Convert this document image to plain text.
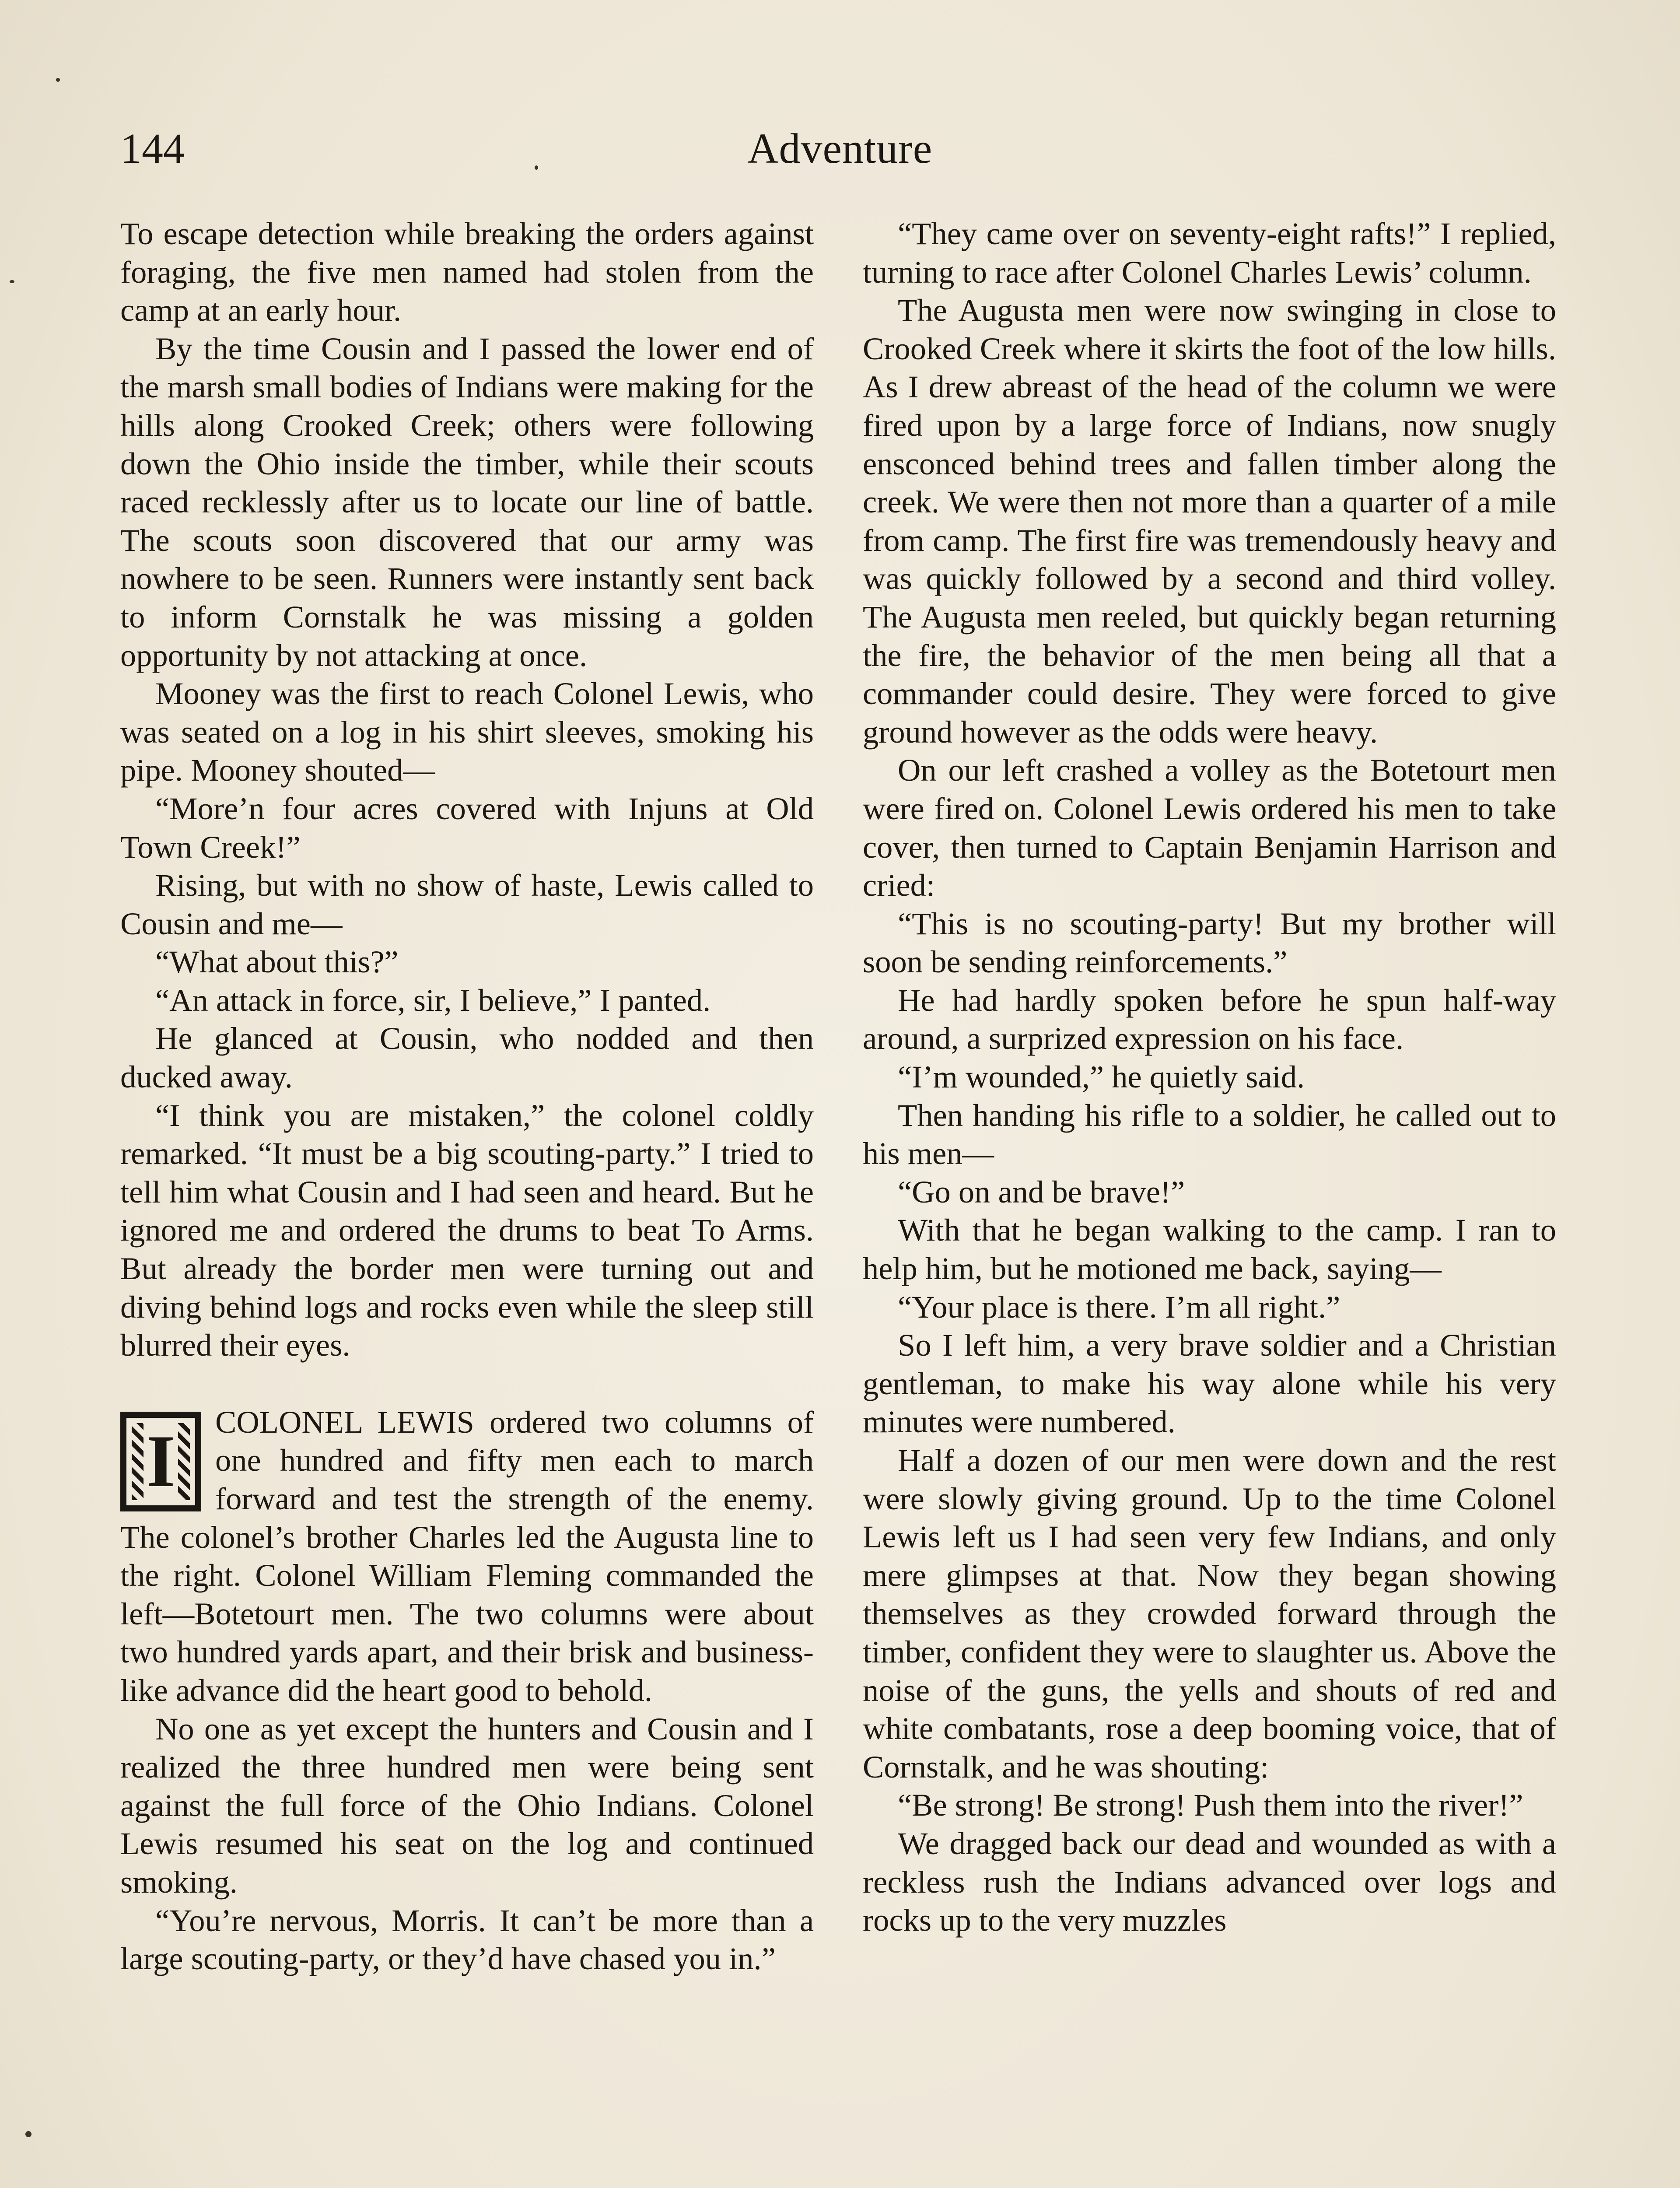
144	Adventure

To escape detection while breaking the orders against foraging, the five men named had stolen from the camp at an early hour.

By the time Cousin and I passed the lower end of the marsh small bodies of Indians were making for the hills along Crooked Creek; others were following down the Ohio inside the timber, while their scouts raced recklessly after us to locate our line of battle. The scouts soon discovered that our army was nowhere to be seen. Runners were instantly sent back to inform Cornstalk he was missing a golden opportunity by not attacking at once.

Mooney was the first to reach Colonel Lewis, who was seated on a log in his shirt sleeves, smoking his pipe. Mooney shouted—

“More’n four acres covered with Injuns at Old Town Creek!”

Rising, but with no show of haste, Lewis called to Cousin and me—

“What about this?”

“An attack in force, sir, I believe,” I panted.

He glanced at Cousin, who nodded and then ducked away.

“I think you are mistaken,” the colonel coldly remarked. “It must be a big scouting-party.” I tried to tell him what Cousin and I had seen and heard. But he ignored me and ordered the drums to beat To Arms. But already the border men were turning out and diving behind logs and rocks even while the sleep still blurred their eyes.

I	COLONEL LEWIS ordered two columns of one hundred and fifty men each to march forward and test the strength of the enemy. The colonel’s brother Charles led the Augusta line to the right. Colonel William Fleming commanded the left—Botetourt men. The two columns were about two hundred yards apart, and their brisk and business-like advance did the heart good to behold.

No one as yet except the hunters and Cousin and I realized the three hundred men were being sent against the full force of the Ohio Indians. Colonel Lewis resumed his seat on the log and continued smoking.

“You’re nervous, Morris. It can’t be more than a large scouting-party, or they’d have chased you in.”

“They came over on seventy-eight rafts!” I replied, turning to race after Colonel Charles Lewis’ column.

The Augusta men were now swinging in close to Crooked Creek where it skirts the foot of the low hills. As I drew abreast of the head of the column we were fired upon by a large force of Indians, now snugly ensconced behind trees and fallen timber along the creek. We were then not more than a quarter of a mile from camp. The first fire was tremendously heavy and was quickly followed by a second and third volley. The Augusta men reeled, but quickly began returning the fire, the behavior of the men being all that a commander could desire. They were forced to give ground however as the odds were heavy.

On our left crashed a volley as the Botetourt men were fired on. Colonel Lewis ordered his men to take cover, then turned to Captain Benjamin Harrison and cried:

“This is no scouting-party! But my brother will soon be sending reinforcements.”

He had hardly spoken before he spun half-way around, a surprized expression on his face.

“I’m wounded,” he quietly said.

Then handing his rifle to a soldier, he called out to his men—

“Go on and be brave!”

With that he began walking to the camp. I ran to help him, but he motioned me back, saying—

“Your place is there. I’m all right.”

So I left him, a very brave soldier and a Christian gentleman, to make his way alone while his very minutes were numbered.

Half a dozen of our men were down and the rest were slowly giving ground. Up to the time Colonel Lewis left us I had seen very few Indians, and only mere glimpses at that. Now they began showing themselves as they crowded forward through the timber, confident they were to slaughter us. Above the noise of the guns, the yells and shouts of red and white combatants, rose a deep booming voice, that of Cornstalk, and he was shouting:

“Be strong! Be strong! Push them into the river!”

We dragged back our dead and wounded as with a reckless rush the Indians advanced over logs and rocks up to the very muzzles
